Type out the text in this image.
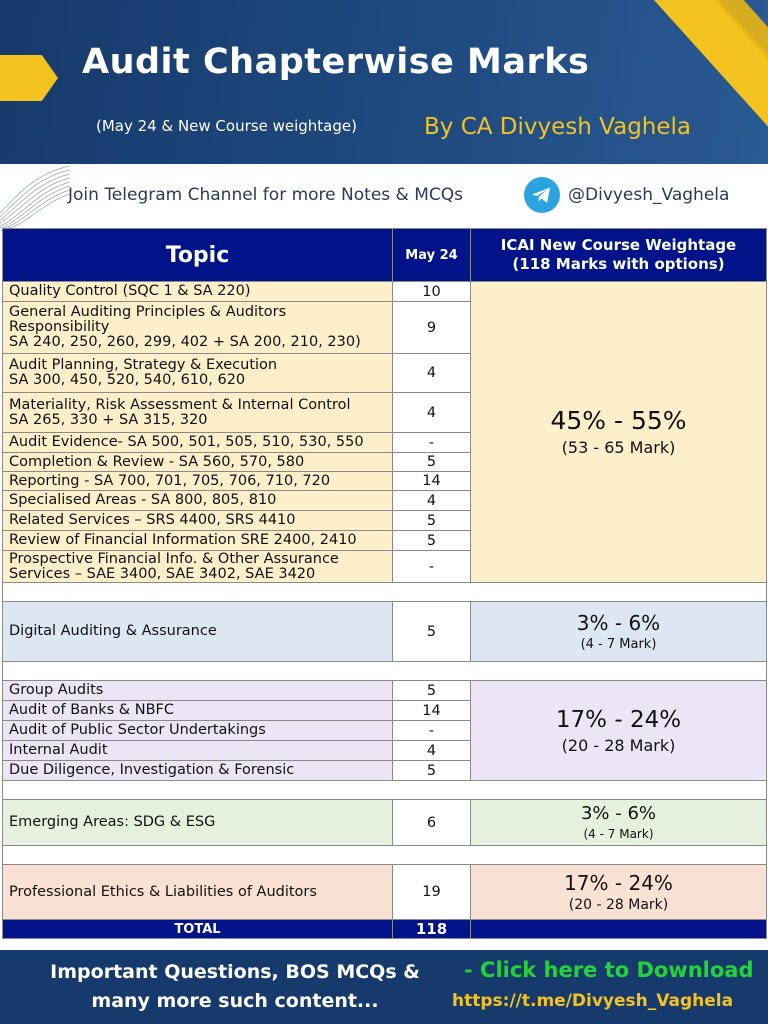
Audit Chapterwise Marks
(May 24 & New Course weightage)	By CA Divyesh Vaghela
Join Telegram Channel for more Notes & MCQs	@Divyesh_Vaghela
Topic	May 24	ICAI New Course Weightage
(118 Marks with options)
Quality Control (SQC 1 & SA 220)	10	45% - 55%
(53 - 65 Mark)

General Auditing Principles & Auditors Responsibility
SA 240, 250, 260, 299, 402 + SA 200, 210, 230)	9	
Audit Planning, Strategy & Execution
SA 300, 450, 520, 540, 610, 620	4	
Materiality, Risk Assessment & Internal Control
SA 265, 330 + SA 315, 320	4	
Audit Evidence- SA 500, 501, 505, 510, 530, 550	-	
Completion & Review - SA 560, 570, 580	5	
Reporting - SA 700, 701, 705, 706, 710, 720	14	
Specialised Areas - SA 800, 805, 810	4	
Related Services – SRS 4400, SRS 4410	5	
Review of Financial Information SRE 2400, 2410	5	
Prospective Financial Info. & Other Assurance
Services – SAE 3400, SAE 3402, SAE 3420	-	

Digital Auditing & Assurance	5	3% - 6%
(4 - 7 Mark)

Group Audits	5	17% - 24%
(20 - 28 Mark)

Audit of Banks & NBFC	14	
Audit of Public Sector Undertakings	-	
Internal Audit	4	
Due Diligence, Investigation & Forensic	5	

Emerging Areas: SDG & ESG	6	3% - 6%
(4 - 7 Mark)

Professional Ethics & Liabilities of Auditors	19	17% - 24%
(20 - 28 Mark)

TOTAL	118	
Important Questions, BOS MCQs &
many more such content...
- Click here to Download
https://t.me/Divyesh_Vaghela
